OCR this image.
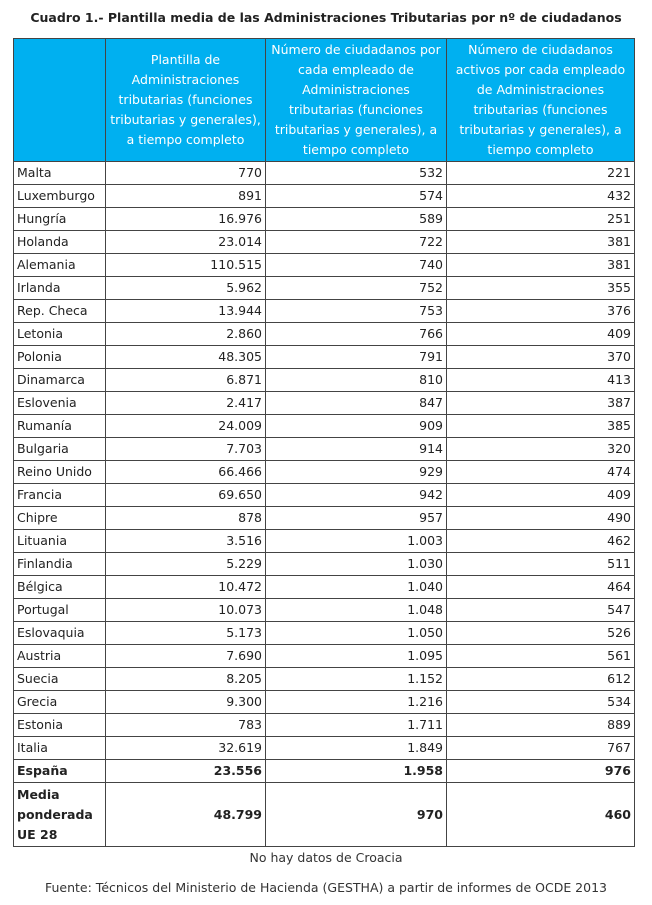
Cuadro 1.- Plantilla media de las Administraciones Tributarias por nº de ciudadanos
	Plantilla de Administraciones tributarias (funciones tributarias y generales), a tiempo completo	Número de ciudadanos por cada empleado de Administraciones tributarias (funciones tributarias y generales), a tiempo completo	Número de ciudadanos activos por cada empleado de Administraciones tributarias (funciones tributarias y generales), a tiempo completo
Malta	770	532	221
Luxemburgo	891	574	432
Hungría	16.976	589	251
Holanda	23.014	722	381
Alemania	110.515	740	381
Irlanda	5.962	752	355
Rep. Checa	13.944	753	376
Letonia	2.860	766	409
Polonia	48.305	791	370
Dinamarca	6.871	810	413
Eslovenia	2.417	847	387
Rumanía	24.009	909	385
Bulgaria	7.703	914	320
Reino Unido	66.466	929	474
Francia	69.650	942	409
Chipre	878	957	490
Lituania	3.516	1.003	462
Finlandia	5.229	1.030	511
Bélgica	10.472	1.040	464
Portugal	10.073	1.048	547
Eslovaquia	5.173	1.050	526
Austria	7.690	1.095	561
Suecia	8.205	1.152	612
Grecia	9.300	1.216	534
Estonia	783	1.711	889
Italia	32.619	1.849	767
España	23.556	1.958	976
Media ponderada UE 28	48.799	970	460
No hay datos de Croacia
Fuente: Técnicos del Ministerio de Hacienda (GESTHA) a partir de informes de OCDE 2013
